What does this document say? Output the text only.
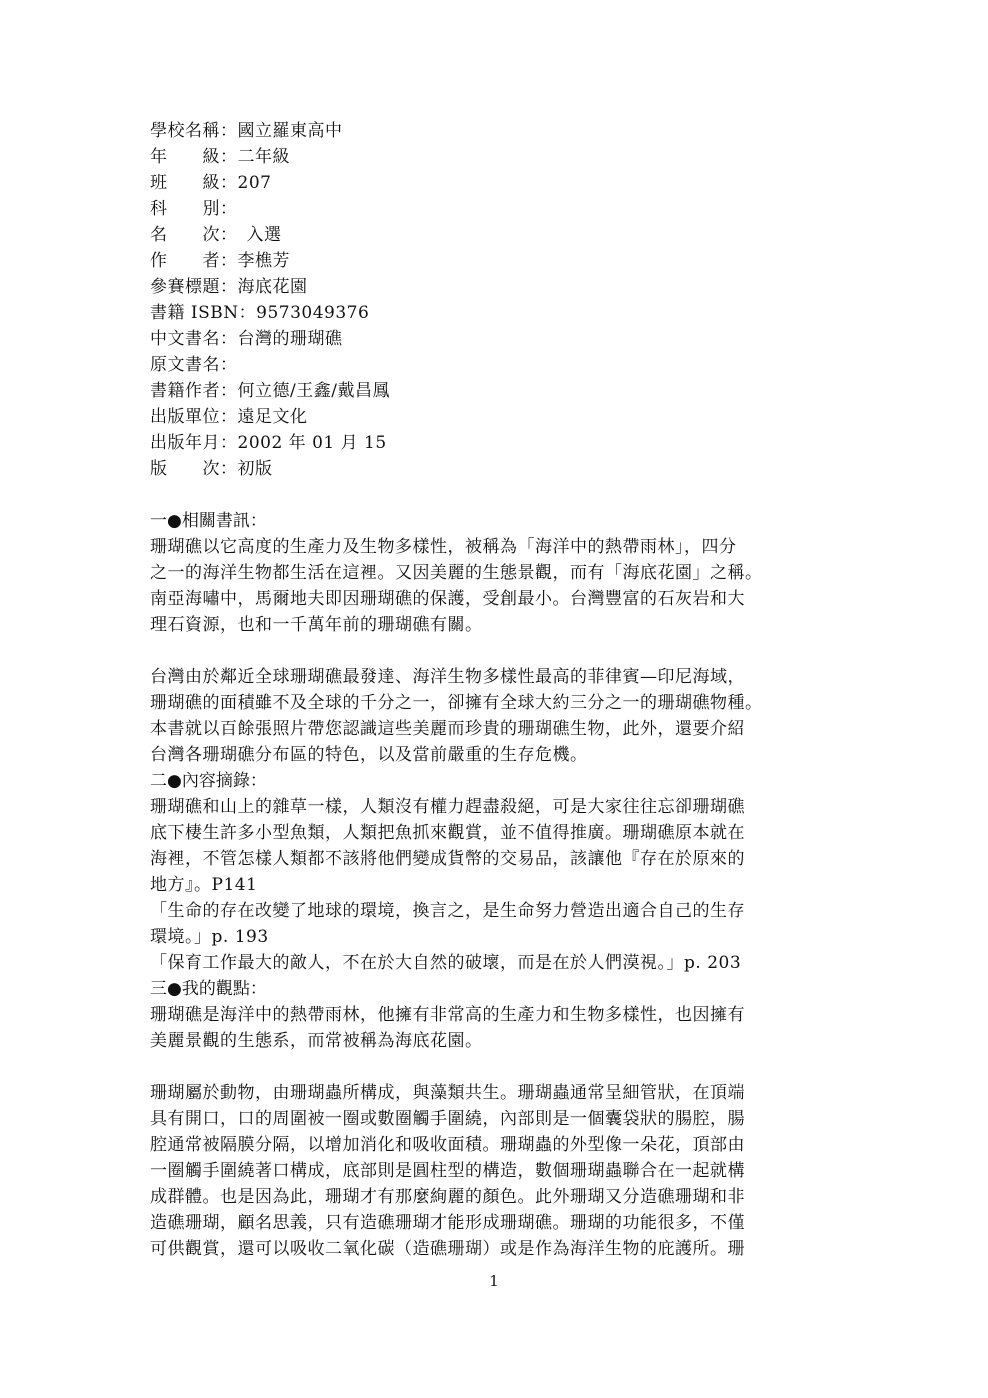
學校名稱：國立羅東高中
年　　級：二年級
班　　級：207
科　　別：
名　　次：　入選
作　　者：李樵芳
參賽標題：海底花園
書籍 ISBN：9573049376
中文書名：台灣的珊瑚礁
原文書名：
書籍作者：何立德/王鑫/戴昌鳳
出版單位：遠足文化
出版年月：2002 年 01 月 15
版　　次：初版
一●相關書訊：
珊瑚礁以它高度的生產力及生物多樣性，被稱為「海洋中的熱帶雨林」，四分
之一的海洋生物都生活在這裡。又因美麗的生態景觀，而有「海底花園」之稱。
南亞海嘯中，馬爾地夫即因珊瑚礁的保護，受創最小。台灣豐富的石灰岩和大
理石資源，也和一千萬年前的珊瑚礁有關。
台灣由於鄰近全球珊瑚礁最發達、海洋生物多樣性最高的菲律賓—印尼海域，
珊瑚礁的面積雖不及全球的千分之一，卻擁有全球大約三分之一的珊瑚礁物種。
本書就以百餘張照片帶您認識這些美麗而珍貴的珊瑚礁生物，此外，還要介紹
台灣各珊瑚礁分布區的特色，以及當前嚴重的生存危機。
二●內容摘錄：
珊瑚礁和山上的雜草一樣，人類沒有權力趕盡殺絕，可是大家往往忘卻珊瑚礁
底下棲生許多小型魚類，人類把魚抓來觀賞，並不值得推廣。珊瑚礁原本就在
海裡，不管怎樣人類都不該將他們變成貨幣的交易品，該讓他『存在於原來的
地方』。P141
「生命的存在改變了地球的環境，換言之，是生命努力營造出適合自己的生存
環境。」p. 193
「保育工作最大的敵人，不在於大自然的破壞，而是在於人們漠視。」p. 203
三●我的觀點：
珊瑚礁是海洋中的熱帶雨林，他擁有非常高的生產力和生物多樣性，也因擁有
美麗景觀的生態系，而常被稱為海底花園。
珊瑚屬於動物，由珊瑚蟲所構成，與藻類共生。珊瑚蟲通常呈細管狀，在頂端
具有開口，口的周圍被一圈或數圈觸手圍繞，內部則是一個囊袋狀的腸腔，腸
腔通常被隔膜分隔，以增加消化和吸收面積。珊瑚蟲的外型像一朵花，頂部由
一圈觸手圍繞著口構成，底部則是圓柱型的構造，數個珊瑚蟲聯合在一起就構
成群體。也是因為此，珊瑚才有那麼絢麗的顏色。此外珊瑚又分造礁珊瑚和非
造礁珊瑚，顧名思義，只有造礁珊瑚才能形成珊瑚礁。珊瑚的功能很多，不僅
可供觀賞，還可以吸收二氧化碳（造礁珊瑚）或是作為海洋生物的庇護所。珊
1
